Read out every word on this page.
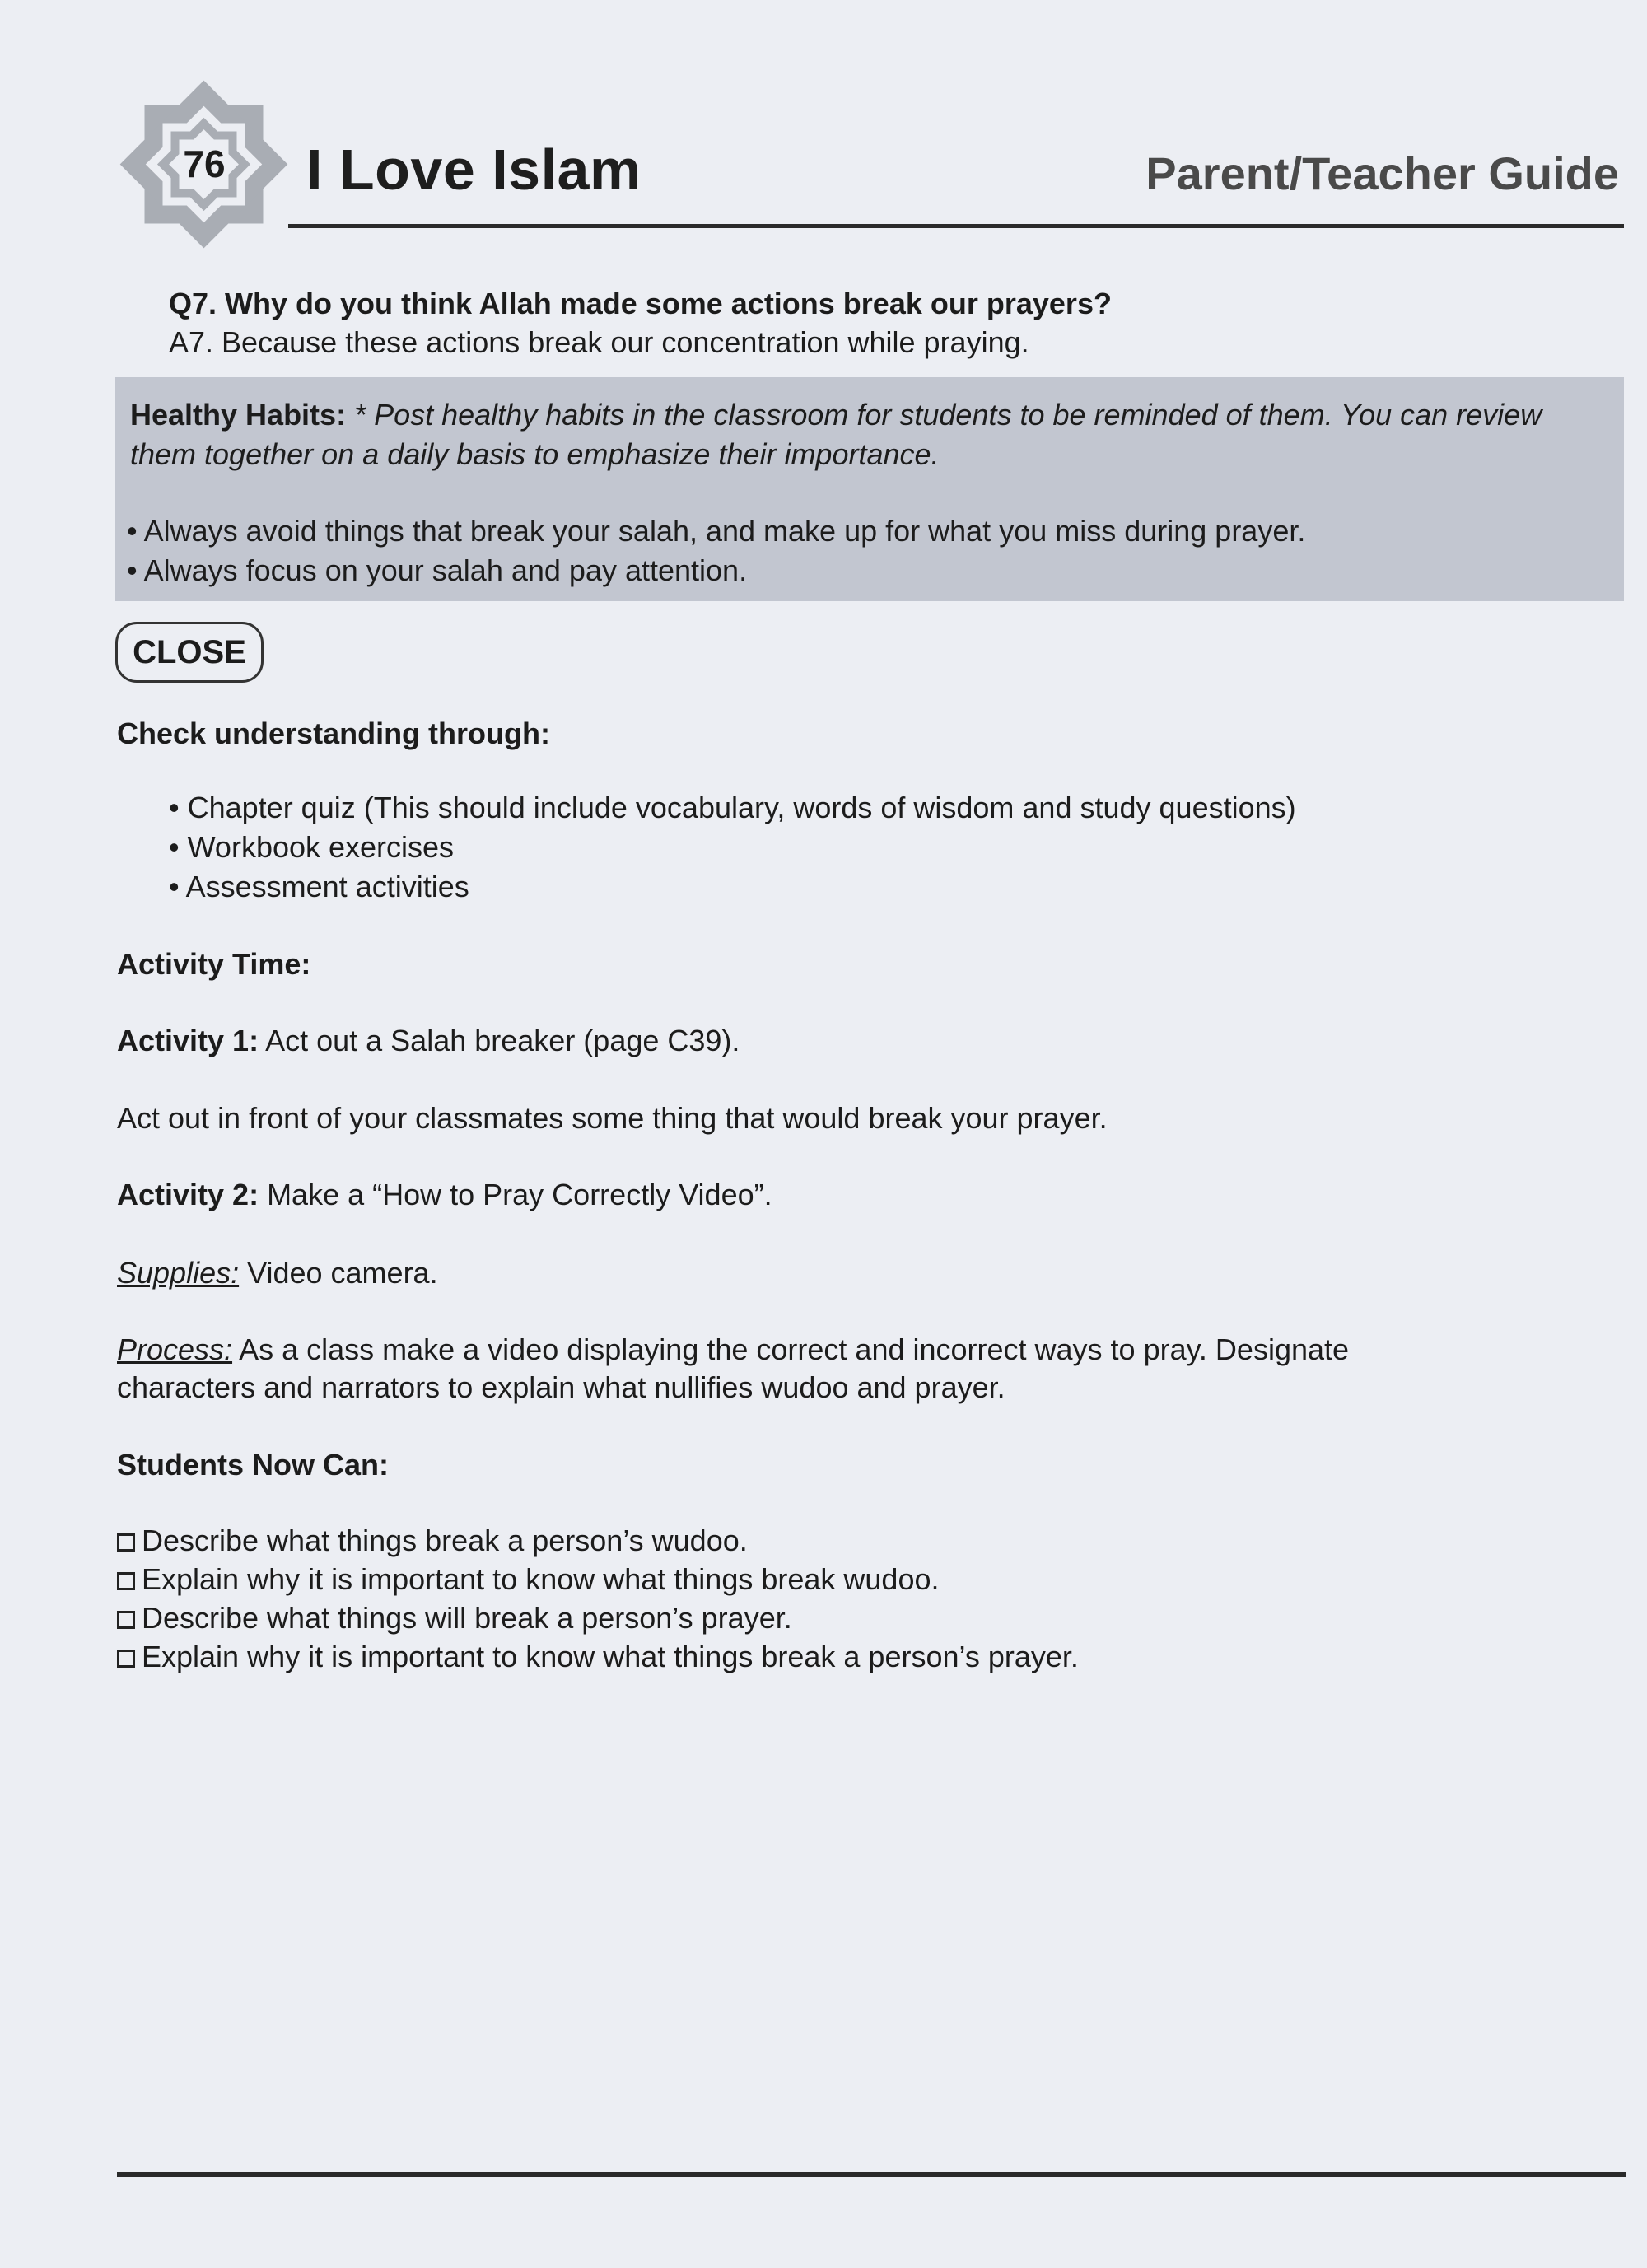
76	I Love Islam	Parent/Teacher Guide
Q7. Why do you think Allah made some actions break our prayers?
A7. Because these actions break our concentration while praying.
Healthy Habits: * Post healthy habits in the classroom for students to be reminded of them. You can review them together on a daily basis to emphasize their importance.
• Always avoid things that break your salah, and make up for what you miss during prayer.
• Always focus on your salah and pay attention.
CLOSE
Check understanding through:
• Chapter quiz (This should include vocabulary, words of wisdom and study questions)
• Workbook exercises
• Assessment activities
Activity Time:
Activity 1: Act out a Salah breaker (page C39).
Act out in front of your classmates some thing that would break your prayer.
Activity 2: Make a “How to Pray Correctly Video”.
Supplies: Video camera.
Process: As a class make a video displaying the correct and incorrect ways to pray. Designate
characters and narrators to explain what nullifies wudoo and prayer.
Students Now Can:
Describe what things break a person’s wudoo.
Explain why it is important to know what things break wudoo.
Describe what things will break a person’s prayer.
Explain why it is important to know what things break a person’s prayer.
